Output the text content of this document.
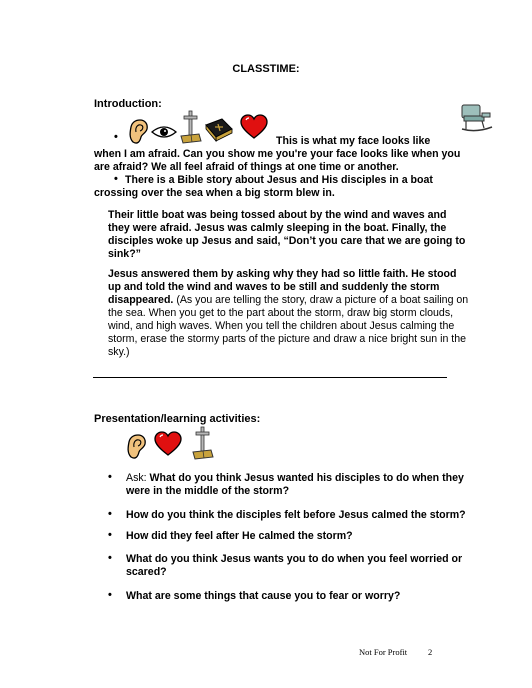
CLASSTIME:
Introduction:
•	This is what my face looks like
when I am afraid. Can you show me you're your face looks like when you are afraid? We all feel afraid of things at one time or another.
• There is a Bible story about Jesus and His disciples in a boat crossing over the sea when a big storm blew in.
Their little boat was being tossed about by the wind and waves and they were afraid. Jesus was calmly sleeping in the boat. Finally, the disciples woke up Jesus and said, “Don’t you care that we are going to sink?”
Jesus answered them by asking why they had so little faith. He stood up and told the wind and waves to be still and suddenly the storm disappeared. (As you are telling the story, draw a picture of a boat sailing on the sea. When you get to the part about the storm, draw big storm clouds, wind, and high waves. When you tell the children about Jesus calming the storm, erase the stormy parts of the picture and draw a nice bright sun in the sky.)
Presentation/learning activities:
• Ask: What do you think Jesus wanted his disciples to do when they were in the middle of the storm?
• How do you think the disciples felt before Jesus calmed the storm?
• How did they feel after He calmed the storm?
• What do you think Jesus wants you to do when you feel worried or scared?
• What are some things that cause you to fear or worry?
Not For Profit 2
